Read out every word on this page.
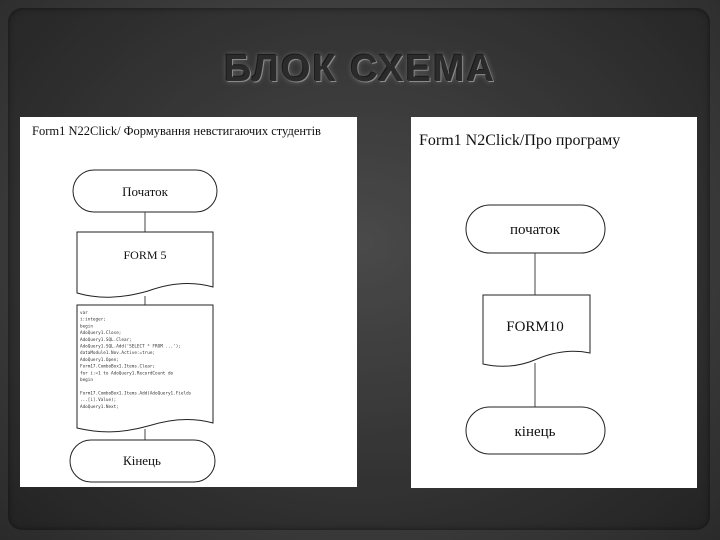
БЛОК СХЕМА
Form1 N22Click/ Формування невстигаючих студентів
Початок
FORM 5
var
i:integer;
begin
AdoQuery1.Close;
AdoQuery1.SQL.Clear;
AdoQuery1.SQL.Add('SELECT * FROM ...');
dataModule1.Nov.Active:=true;
AdoQuery1.Open;
Form17.ComboBox1.Items.Clear;
for i:=1 to AdoQuery1.RecordCount do
begin
Form17.ComboBox1.Items.Add(AdoQuery1.Fields
...[i].Value);
AdoQuery1.Next;
Кінець
Form1 N2Click/Про програму
початок
FORM10
кінець
